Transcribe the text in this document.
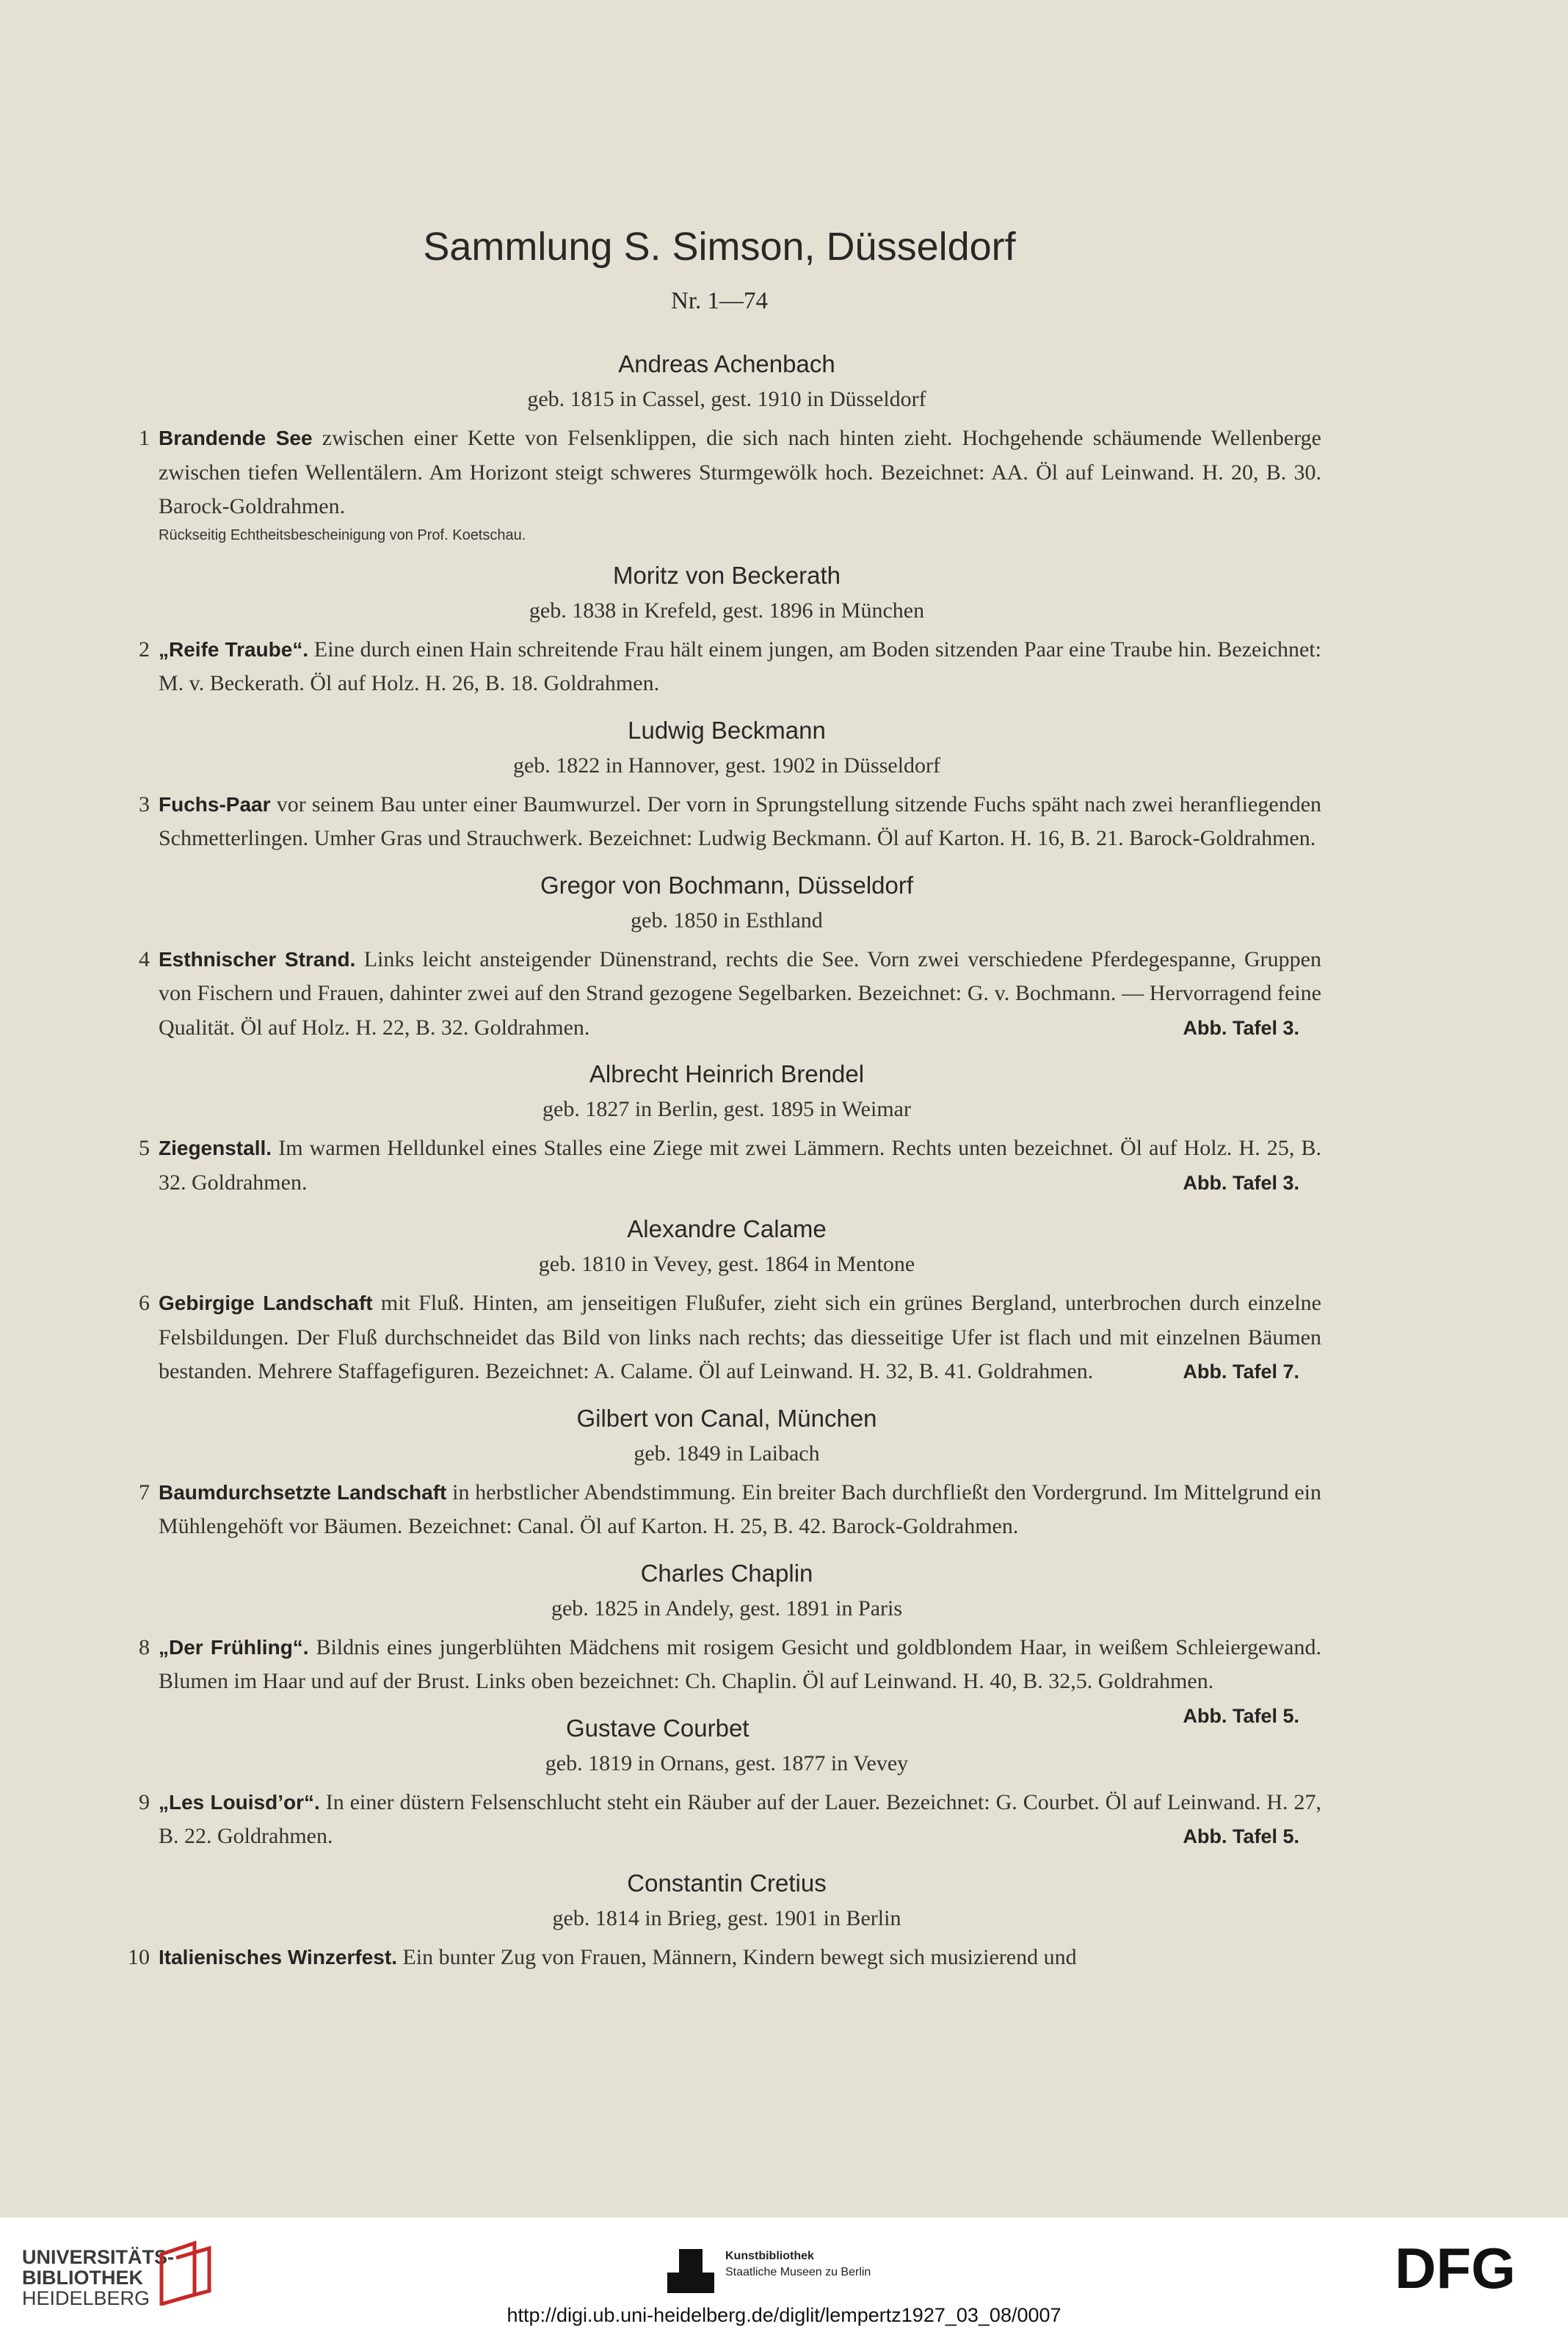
Sammlung S. Simson, Düsseldorf
Nr. 1—74
Andreas Achenbach
geb. 1815 in Cassel, gest. 1910 in Düsseldorf
1 Brandende See zwischen einer Kette von Felsenklippen, die sich nach hinten zieht. Hochgehende schäumende Wellenberge zwischen tiefen Wellentälern. Am Horizont steigt schweres Sturmgewölk hoch. Bezeichnet: AA. Öl auf Leinwand. H. 20, B. 30. Barock-Goldrahmen.
Rückseitig Echtheitsbescheinigung von Prof. Koetschau.
Moritz von Beckerath
geb. 1838 in Krefeld, gest. 1896 in München
2 „Reife Traube“. Eine durch einen Hain schreitende Frau hält einem jungen, am Boden sitzenden Paar eine Traube hin. Bezeichnet: M. v. Beckerath. Öl auf Holz. H. 26, B. 18. Goldrahmen.
Ludwig Beckmann
geb. 1822 in Hannover, gest. 1902 in Düsseldorf
3 Fuchs-Paar vor seinem Bau unter einer Baumwurzel. Der vorn in Sprungstellung sitzende Fuchs späht nach zwei heranfliegenden Schmetterlingen. Umher Gras und Strauchwerk. Bezeichnet: Ludwig Beckmann. Öl auf Karton. H. 16, B. 21. Barock-Goldrahmen.
Gregor von Bochmann, Düsseldorf
geb. 1850 in Esthland
4 Esthnischer Strand. Links leicht ansteigender Dünenstrand, rechts die See. Vorn zwei verschiedene Pferdegespanne, Gruppen von Fischern und Frauen, dahinter zwei auf den Strand gezogene Segelbarken. Bezeichnet: G. v. Bochmann. — Hervorragend feine Qualität. Öl auf Holz. H. 22, B. 32. Goldrahmen.	Abb. Tafel 3.
Albrecht Heinrich Brendel
geb. 1827 in Berlin, gest. 1895 in Weimar
5 Ziegenstall. Im warmen Helldunkel eines Stalles eine Ziege mit zwei Lämmern. Rechts unten bezeichnet. Öl auf Holz. H. 25, B. 32. Goldrahmen.	Abb. Tafel 3.
Alexandre Calame
geb. 1810 in Vevey, gest. 1864 in Mentone
6 Gebirgige Landschaft mit Fluß. Hinten, am jenseitigen Flußufer, zieht sich ein grünes Bergland, unterbrochen durch einzelne Felsbildungen. Der Fluß durchschneidet das Bild von links nach rechts; das diesseitige Ufer ist flach und mit einzelnen Bäumen bestanden. Mehrere Staffagefiguren. Bezeichnet: A. Calame. Öl auf Leinwand. H. 32, B. 41. Goldrahmen.	Abb. Tafel 7.
Gilbert von Canal, München
geb. 1849 in Laibach
7 Baumdurchsetzte Landschaft in herbstlicher Abendstimmung. Ein breiter Bach durchfließt den Vordergrund. Im Mittelgrund ein Mühlengehöft vor Bäumen. Bezeichnet: Canal. Öl auf Karton. H. 25, B. 42. Barock-Goldrahmen.
Charles Chaplin
geb. 1825 in Andely, gest. 1891 in Paris
8 „Der Frühling“. Bildnis eines jungerblühten Mädchens mit rosigem Gesicht und goldblondem Haar, in weißem Schleiergewand. Blumen im Haar und auf der Brust. Links oben bezeichnet: Ch. Chaplin. Öl auf Leinwand. H. 40, B. 32,5. Goldrahmen.
Abb. Tafel 5.
Gustave Courbet
geb. 1819 in Ornans, gest. 1877 in Vevey
9 „Les Louisd’or“. In einer düstern Felsenschlucht steht ein Räuber auf der Lauer. Bezeichnet: G. Courbet. Öl auf Leinwand. H. 27, B. 22. Goldrahmen.	Abb. Tafel 5.
Constantin Cretius
geb. 1814 in Brieg, gest. 1901 in Berlin
10 Italienisches Winzerfest. Ein bunter Zug von Frauen, Männern, Kindern bewegt sich musizierend und
UNIVERSITÄTS-
BIBLIOTHEK
HEIDELBERG
Kunstbibliothek
Staatliche Museen zu Berlin	DFG
http://digi.ub.uni-heidelberg.de/diglit/lempertz1927_03_08/0007
